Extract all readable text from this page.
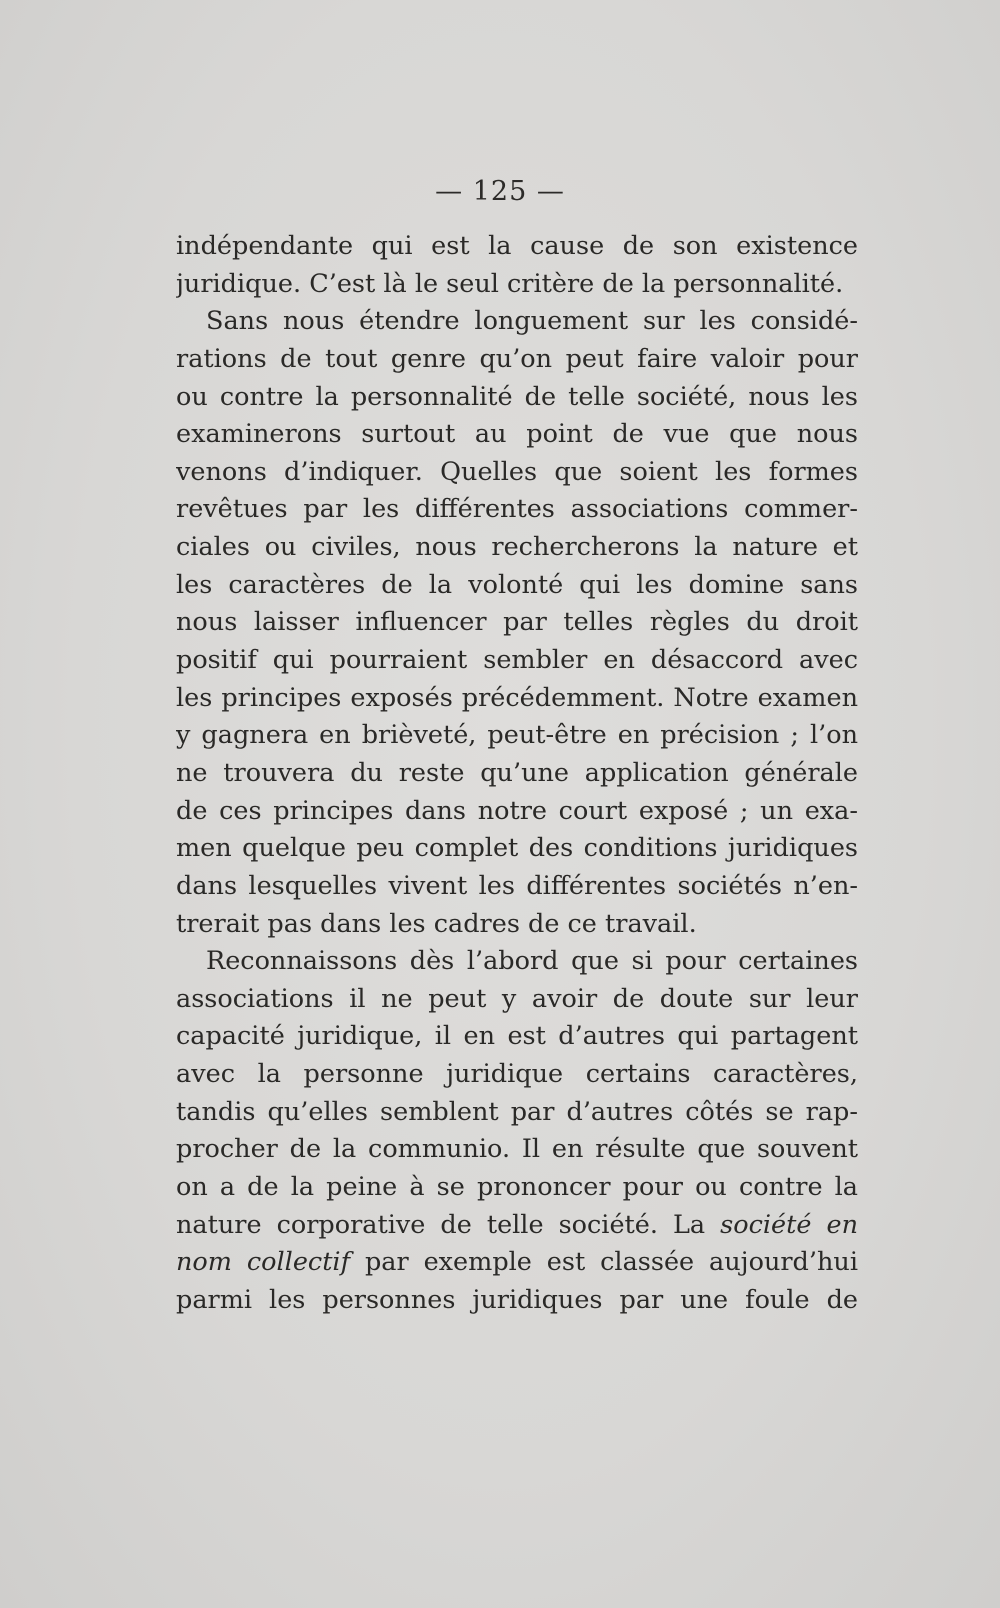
— 125 —
indépendante qui est la cause de son existence
juridique. C’est là le seul critère de la personnalité.
Sans nous étendre longuement sur les considé-
rations de tout genre qu’on peut faire valoir pour
ou contre la personnalité de telle société, nous les
examinerons surtout au point de vue que nous
venons d’indiquer. Quelles que soient les formes
revêtues par les différentes associations commer-
ciales ou civiles, nous rechercherons la nature et
les caractères de la volonté qui les domine sans
nous laisser influencer par telles règles du droit
positif qui pourraient sembler en désaccord avec
les principes exposés précédemment. Notre examen
y gagnera en brièveté, peut-être en précision ; l’on
ne trouvera du reste qu’une application générale
de ces principes dans notre court exposé ; un exa-
men quelque peu complet des conditions juridiques
dans lesquelles vivent les différentes sociétés n’en-
trerait pas dans les cadres de ce travail.
Reconnaissons dès l’abord que si pour certaines
associations il ne peut y avoir de doute sur leur
capacité juridique, il en est d’autres qui partagent
avec la personne juridique certains caractères,
tandis qu’elles semblent par d’autres côtés se rap-
procher de la communio. Il en résulte que souvent
on a de la peine à se prononcer pour ou contre la
nature corporative de telle société. La société en
nom collectif par exemple est classée aujourd’hui
parmi les personnes juridiques par une foule de
